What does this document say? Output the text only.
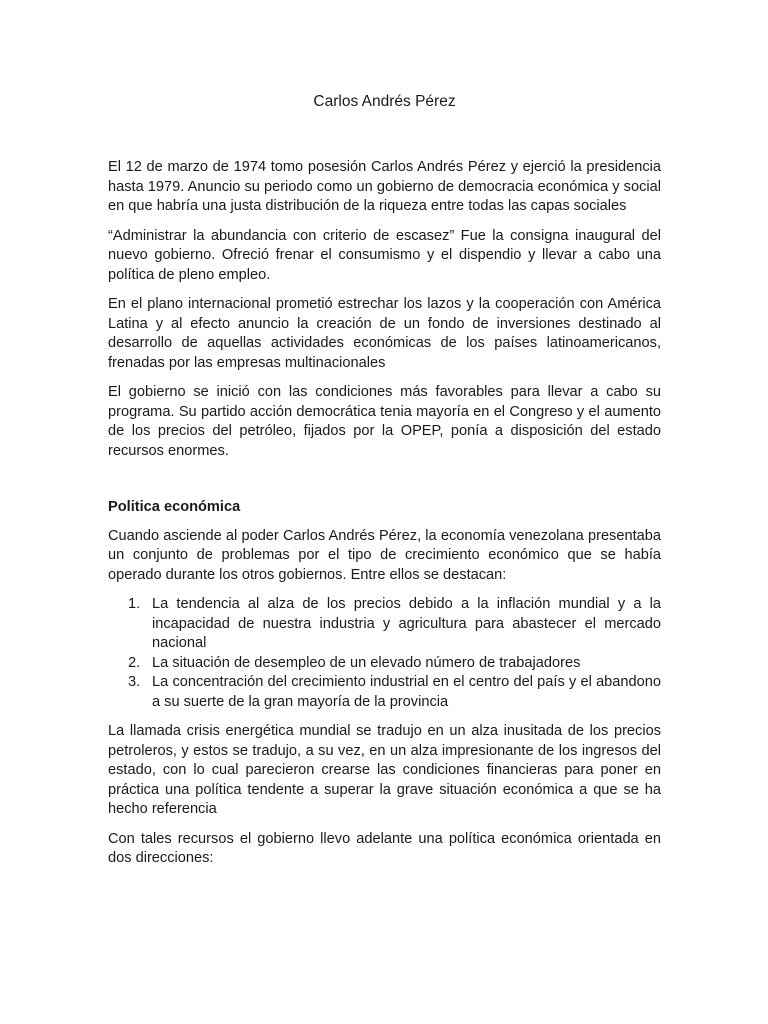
Carlos Andrés Pérez

El 12 de marzo de 1974 tomo posesión Carlos Andrés Pérez y ejerció la presidencia hasta 1979. Anuncio su periodo como un gobierno de democracia económica y social en que habría una justa distribución de la riqueza entre todas las capas sociales

“Administrar la abundancia con criterio de escasez” Fue la consigna inaugural del nuevo gobierno. Ofreció frenar el consumismo y el dispendio y llevar a cabo una política de pleno empleo.

En el plano internacional prometió estrechar los lazos y la cooperación con América Latina y al efecto anuncio la creación de un fondo de inversiones destinado al desarrollo de aquellas actividades económicas de los países latinoamericanos, frenadas por las empresas multinacionales

El gobierno se inició con las condiciones más favorables para llevar a cabo su programa. Su partido acción democrática tenia mayoría en el Congreso y el aumento de los precios del petróleo, fijados por la OPEP, ponía a disposición del estado recursos enormes.

Politica económica

Cuando asciende al poder Carlos Andrés Pérez, la economía venezolana presentaba un conjunto de problemas por el tipo de crecimiento económico que se había operado durante los otros gobiernos. Entre ellos se destacan:

1. La tendencia al alza de los precios debido a la inflación mundial y a la incapacidad de nuestra industria y agricultura para abastecer el mercado nacional
2. La situación de desempleo de un elevado número de trabajadores
3. La concentración del crecimiento industrial en el centro del país y el abandono a su suerte de la gran mayoría de la provincia

La llamada crisis energética mundial se tradujo en un alza inusitada de los precios petroleros, y estos se tradujo, a su vez, en un alza impresionante de los ingresos del estado, con lo cual parecieron crearse las condiciones financieras para poner en práctica una política tendente a superar la grave situación económica a que se ha hecho referencia

Con tales recursos el gobierno llevo adelante una política económica orientada en dos direcciones:
